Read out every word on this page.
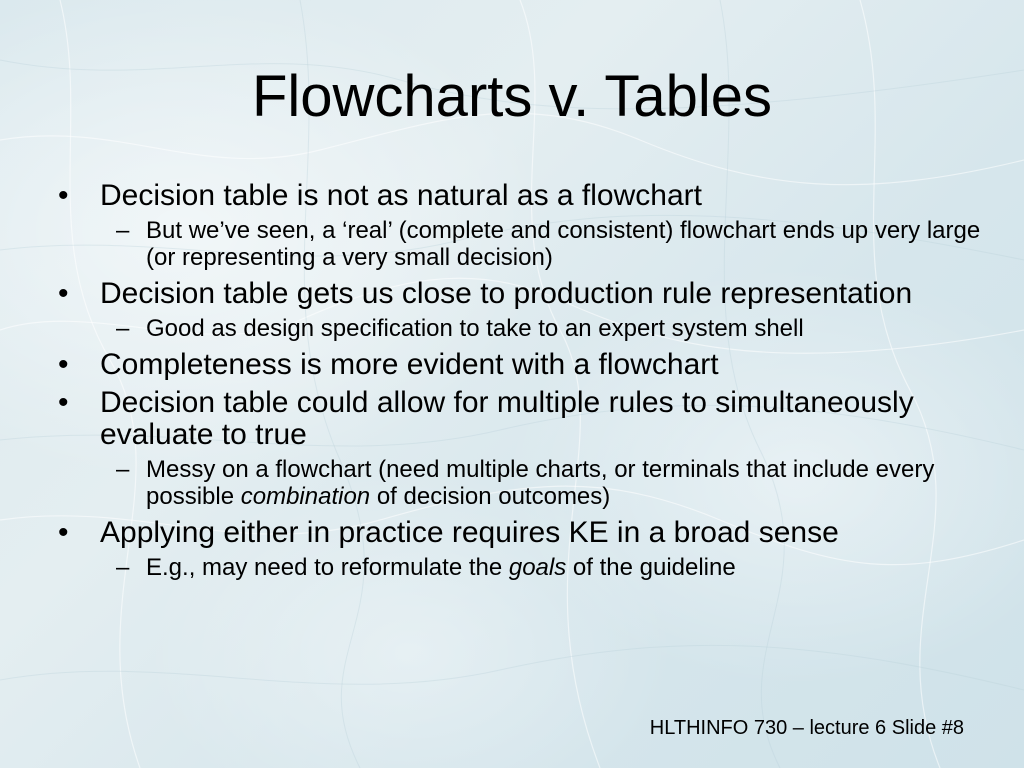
Flowcharts v. Tables
• Decision table is not as natural as a flowchart
– But we’ve seen, a ‘real’ (complete and consistent) flowchart ends up very large (or representing a very small decision)
• Decision table gets us close to production rule representation
– Good as design specification to take to an expert system shell
• Completeness is more evident with a flowchart
• Decision table could allow for multiple rules to simultaneously evaluate to true
– Messy on a flowchart (need multiple charts, or terminals that include every possible combination of decision outcomes)
• Applying either in practice requires KE in a broad sense
– E.g., may need to reformulate the goals of the guideline
HLTHINFO 730 – lecture 6 Slide #8
